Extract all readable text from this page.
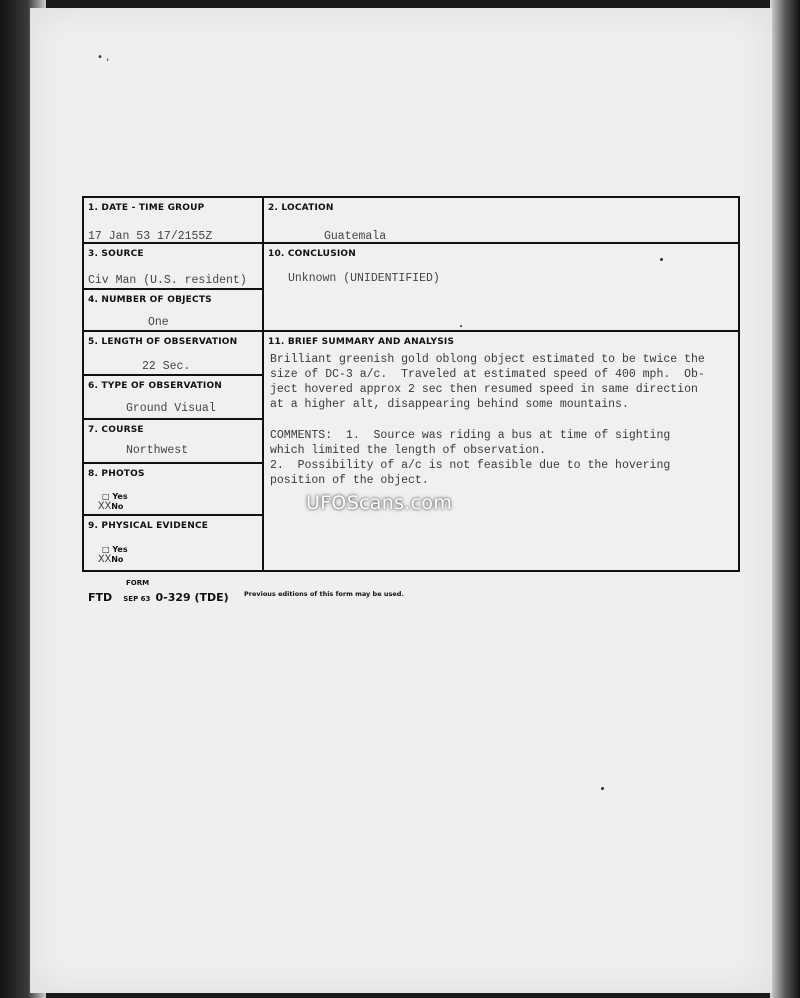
• ,
1. DATE - TIME GROUP
17 Jan 53 17/2155Z
2. LOCATION
Guatemala
3. SOURCE
Civ Man (U.S. resident)
10. CONCLUSION
Unknown (UNIDENTIFIED)
4. NUMBER OF OBJECTS
One
5. LENGTH OF OBSERVATION
22 Sec.
11. BRIEF SUMMARY AND ANALYSIS
Brilliant greenish gold oblong object estimated to be twice the
size of DC-3 a/c.  Traveled at estimated speed of 400 mph.  Ob-
ject hovered approx 2 sec then resumed speed in same direction
at a higher alt, disappearing behind some mountains.
COMMENTS:  1.  Source was riding a bus at time of sighting
which limited the length of observation.
2.  Possibility of a/c is not feasible due to the hovering
position of the object.
6. TYPE OF OBSERVATION
Ground Visual
7. COURSE
Northwest
8. PHOTOS
□ Yes
XXNo
9. PHYSICAL EVIDENCE
□ Yes
XXNo
FORM
FTD SEP 63 0-329 (TDE) Previous editions of this form may be used.
UFOScans.com
